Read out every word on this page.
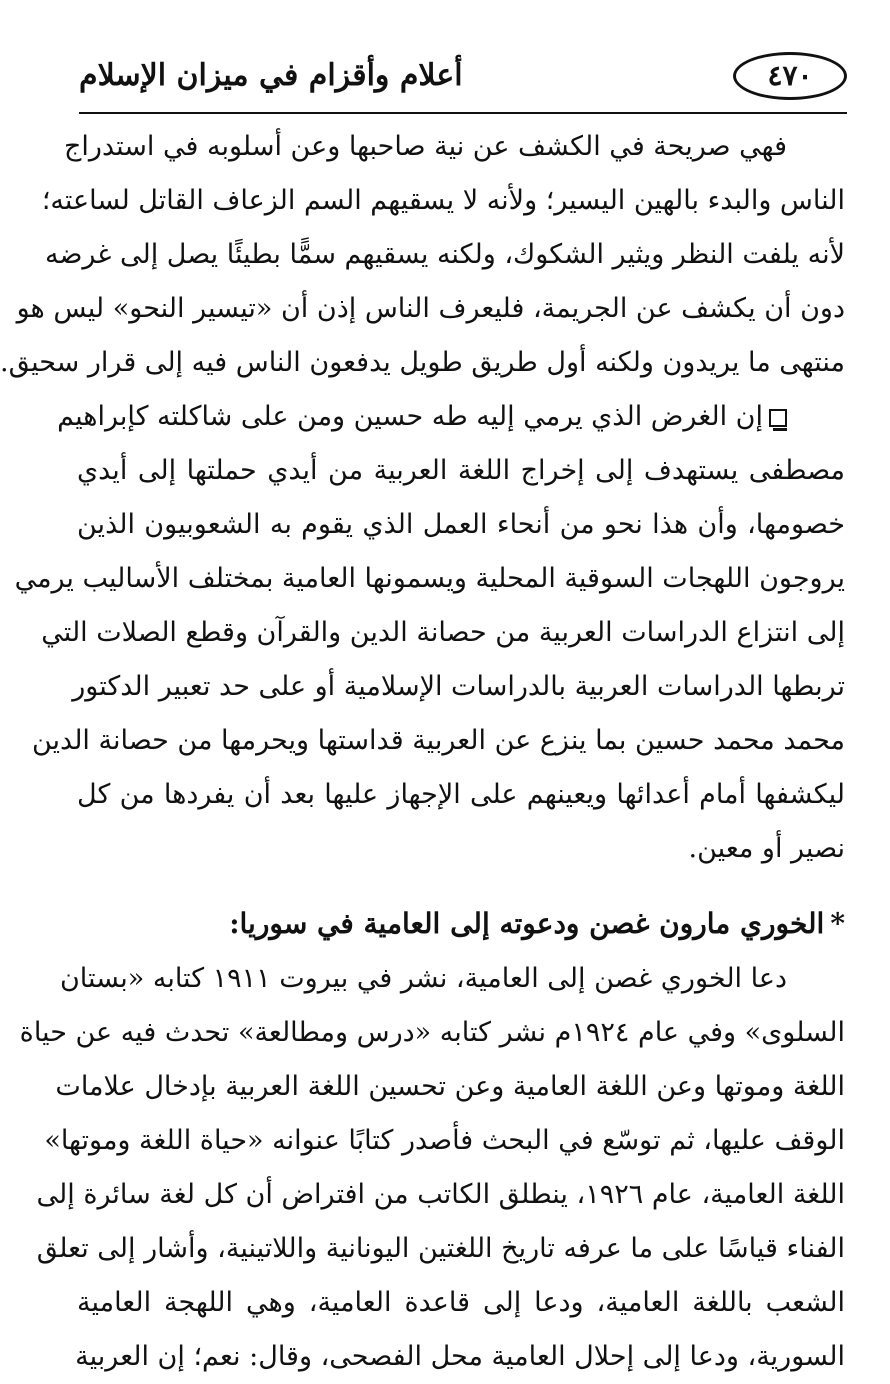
٤٧٠
أعلام وأقزام في ميزان الإسلام
فهي صريحة في الكشف عن نية صاحبها وعن أسلوبه في استدراج
الناس والبدء بالهين اليسير؛ ولأنه لا يسقيهم السم الزعاف القاتل لساعته؛
لأنه يلفت النظر ويثير الشكوك، ولكنه يسقيهم سمًّا بطيئًا يصل إلى غرضه
دون أن يكشف عن الجريمة، فليعرف الناس إذن أن «تيسير النحو» ليس هو
منتهى ما يريدون ولكنه أول طريق طويل يدفعون الناس فيه إلى قرار سحيق.
إن الغرض الذي يرمي إليه طه حسين ومن على شاكلته كإبراهيم
مصطفى يستهدف إلى إخراج اللغة العربية من أيدي حملتها إلى أيدي
خصومها، وأن هذا نحو من أنحاء العمل الذي يقوم به الشعوبيون الذين
يروجون اللهجات السوقية المحلية ويسمونها العامية بمختلف الأساليب يرمي
إلى انتزاع الدراسات العربية من حصانة الدين والقرآن وقطع الصلات التي
تربطها الدراسات العربية بالدراسات الإسلامية أو على حد تعبير الدكتور
محمد محمد حسين بما ينزع عن العربية قداستها ويحرمها من حصانة الدين
ليكشفها أمام أعدائها ويعينهم على الإجهاز عليها بعد أن يفردها من كل
نصير أو معين.
*الخوري مارون غصن ودعوته إلى العامية في سوريا:
دعا الخوري غصن إلى العامية، نشر في بيروت ١٩١١ كتابه «بستان
السلوى» وفي عام ١٩٢٤م نشر كتابه «درس ومطالعة» تحدث فيه عن حياة
اللغة وموتها وعن اللغة العامية وعن تحسين اللغة العربية بإدخال علامات
الوقف عليها، ثم توسّع في البحث فأصدر كتابًا عنوانه «حياة اللغة وموتها»
اللغة العامية، عام ١٩٢٦، ينطلق الكاتب من افتراض أن كل لغة سائرة إلى
الفناء قياسًا على ما عرفه تاريخ اللغتين اليونانية واللاتينية، وأشار إلى تعلق
الشعب باللغة العامية، ودعا إلى قاعدة العامية، وهي اللهجة العامية
السورية، ودعا إلى إحلال العامية محل الفصحى، وقال: نعم؛ إن العربية
